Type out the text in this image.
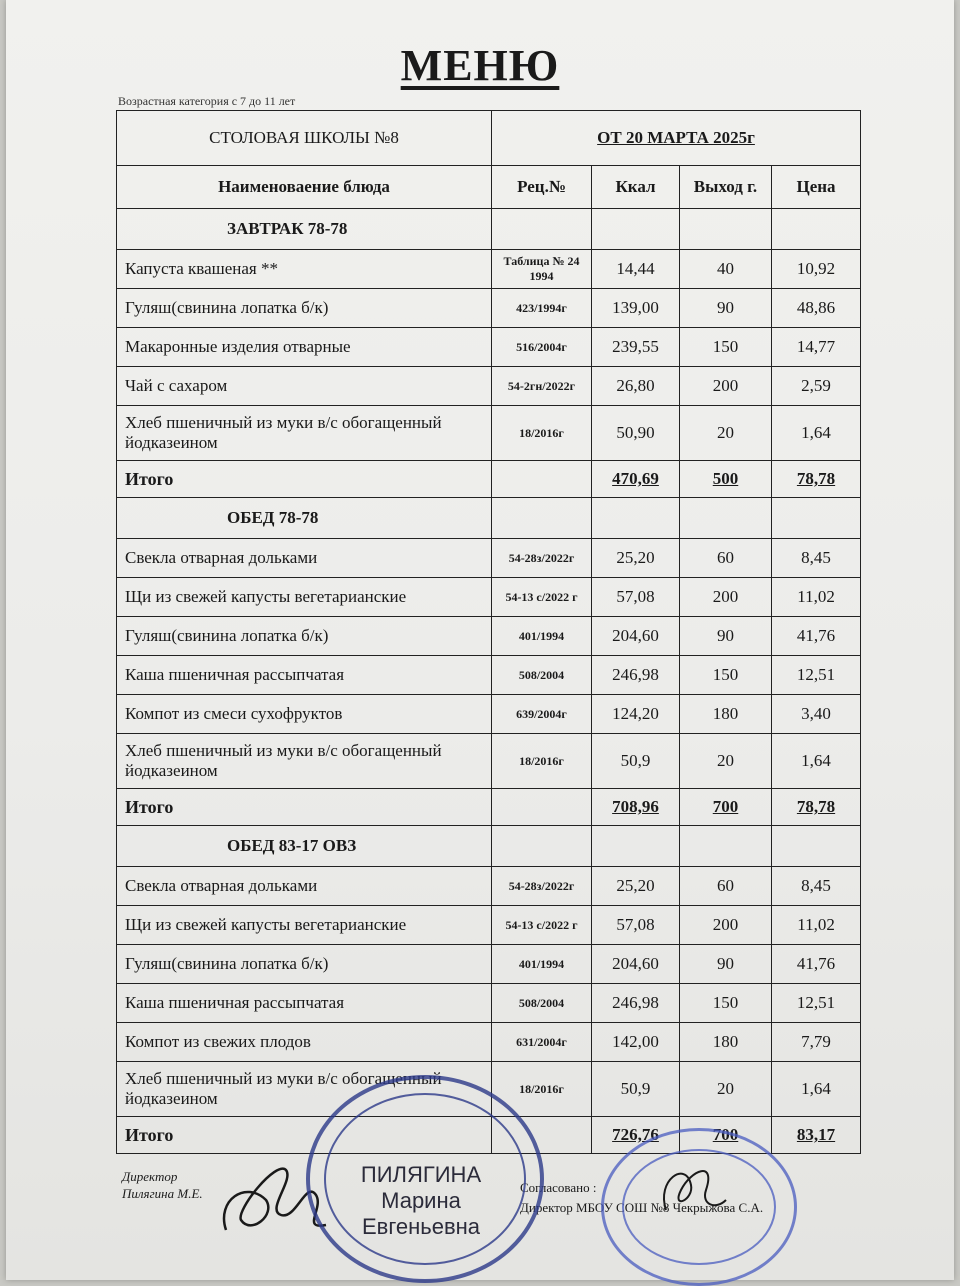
МЕНЮ
Возрастная категория с 7 до 11 лет
СТОЛОВАЯ ШКОЛЫ №8	ОТ 20 МАРТА 2025г			
Наименоваение блюда	Рец.№	Ккал	Выход г.	Цена
ЗАВТРАК 78-78				
Капуста квашеная **	Таблица № 24 1994	14,44	40	10,92
Гуляш(свинина лопатка б/к)	423/1994г	139,00	90	48,86
Макаронные изделия отварные	516/2004г	239,55	150	14,77
Чай с сахаром	54-2гн/2022г	26,80	200	2,59
Хлеб пшеничный из муки в/с обогащенный йодказеином	18/2016г	50,90	20	1,64
Итого		470,69	500	78,78
ОБЕД 78-78				
Свекла отварная дольками	54-28з/2022г	25,20	60	8,45
Щи из свежей капусты вегетарианские	54-13 с/2022 г	57,08	200	11,02
Гуляш(свинина лопатка б/к)	401/1994	204,60	90	41,76
Каша пшеничная рассыпчатая	508/2004	246,98	150	12,51
Компот из смеси сухофруктов	639/2004г	124,20	180	3,40
Хлеб пшеничный из муки в/с обогащенный йодказеином	18/2016г	50,9	20	1,64
Итого		708,96	700	78,78
ОБЕД 83-17 ОВЗ				
Свекла отварная дольками	54-28з/2022г	25,20	60	8,45
Щи из свежей капусты вегетарианские	54-13 с/2022 г	57,08	200	11,02
Гуляш(свинина лопатка б/к)	401/1994	204,60	90	41,76
Каша пшеничная рассыпчатая	508/2004	246,98	150	12,51
Компот из свежих плодов	631/2004г	142,00	180	7,79
Хлеб пшеничный из муки в/с обогащенный йодказеином	18/2016г	50,9	20	1,64
Итого		726,76	700	83,17
Директор
Пилягина М.Е.	Согласовано :
Директор МБОУ СОШ №8 Чекрыжова С.А.
ПИЛЯГИНА
Марина
Евгеньевна
